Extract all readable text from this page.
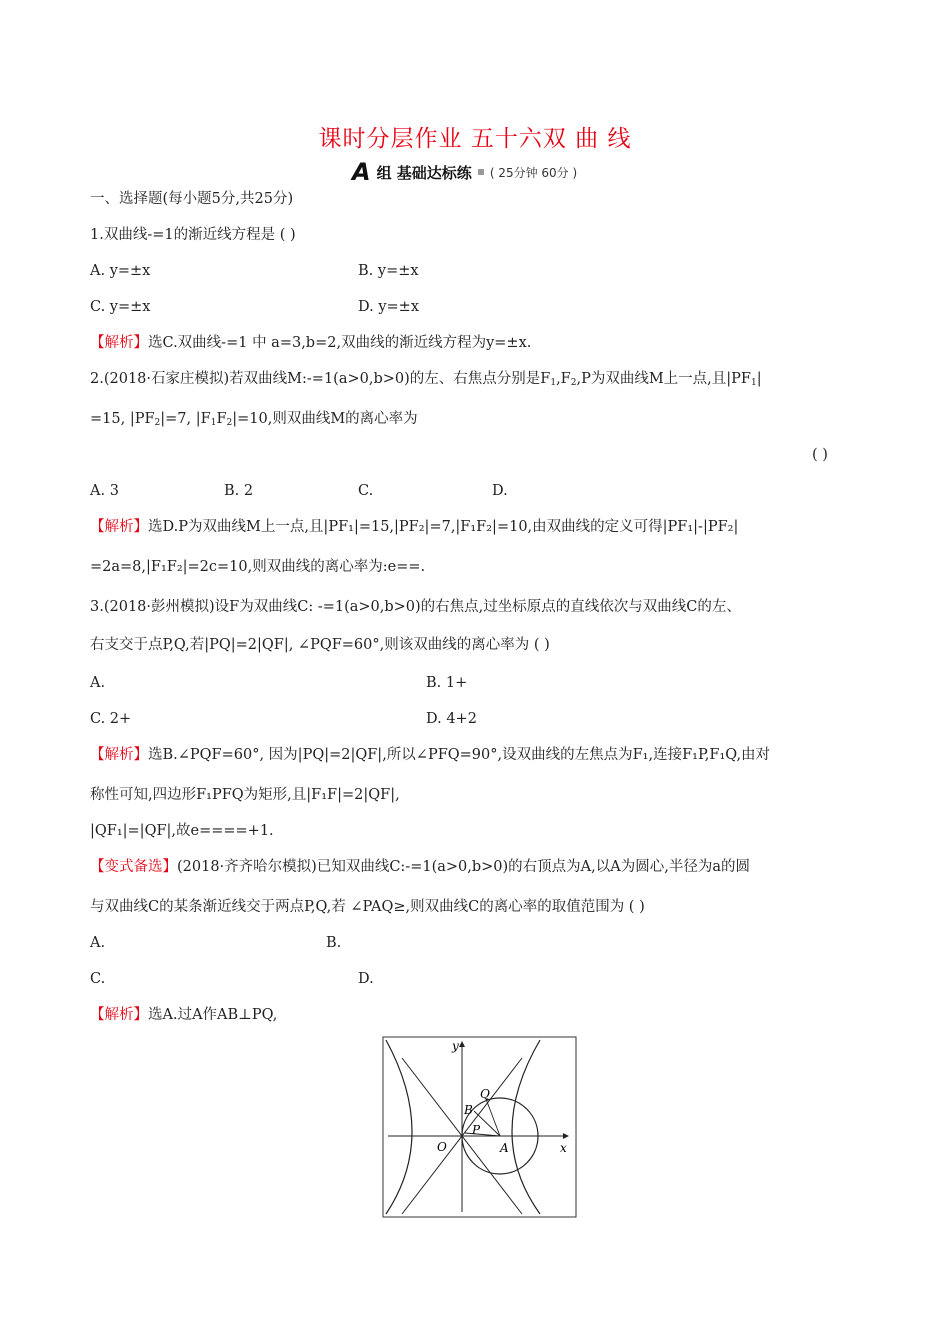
课时分层作业 五十六双 曲 线
A 组 基础达标练 ( 25分钟 60分 )
一、选择题(每小题5分,共25分)
1.双曲线-=1的渐近线方程是 ( )
A. y=±x	B. y=±x
C. y=±x	D. y=±x
【解析】选C.双曲线-=1 中 a=3,b=2,双曲线的渐近线方程为y=±x.
2.(2018·石家庄模拟)若双曲线M:-=1(a>0,b>0)的左、右焦点分别是$F_1,F_2,P$为双曲线M上一点,且$|PF_1|$
=15, $|PF_2|=7$, $|F_1F_2|=10$,则双曲线M的离心率为
( )
A. 3	B. 2	C.	D.
【解析】选D.P为双曲线M上一点,且|PF₁|=15,|PF₂|=7,|F₁F₂|=10,由双曲线的定义可得|PF₁|-|PF₂|
=2a=8,|F₁F₂|=2c=10,则双曲线的离心率为:e==.
3.(2018·彭州模拟)设F为双曲线C: -=1(a>0,b>0)的右焦点,过坐标原点的直线依次与双曲线C的左、
右支交于点P,Q,若|PQ|=2|QF|, ∠PQF=60°,则该双曲线的离心率为 ( )
A.	B. 1+
C. 2+	D. 4+2
【解析】选B.∠PQF=60°, 因为|PQ|=2|QF|,所以∠PFQ=90°,设双曲线的左焦点为F₁,连接F₁P,F₁Q,由对
称性可知,四边形F₁PFQ为矩形,且|F₁F|=2|QF|,
|QF₁|=|QF|,故e====+1.
【变式备选】(2018·齐齐哈尔模拟)已知双曲线C:-=1(a>0,b>0)的右顶点为A,以A为圆心,半径为a的圆
与双曲线C的某条渐近线交于两点P,Q,若 ∠PAQ≥,则双曲线C的离心率的取值范围为 ( )
A.	B.
C.	D.
【解析】选A.过A作AB⊥PQ,
y
x
O	A
B
P
Q
